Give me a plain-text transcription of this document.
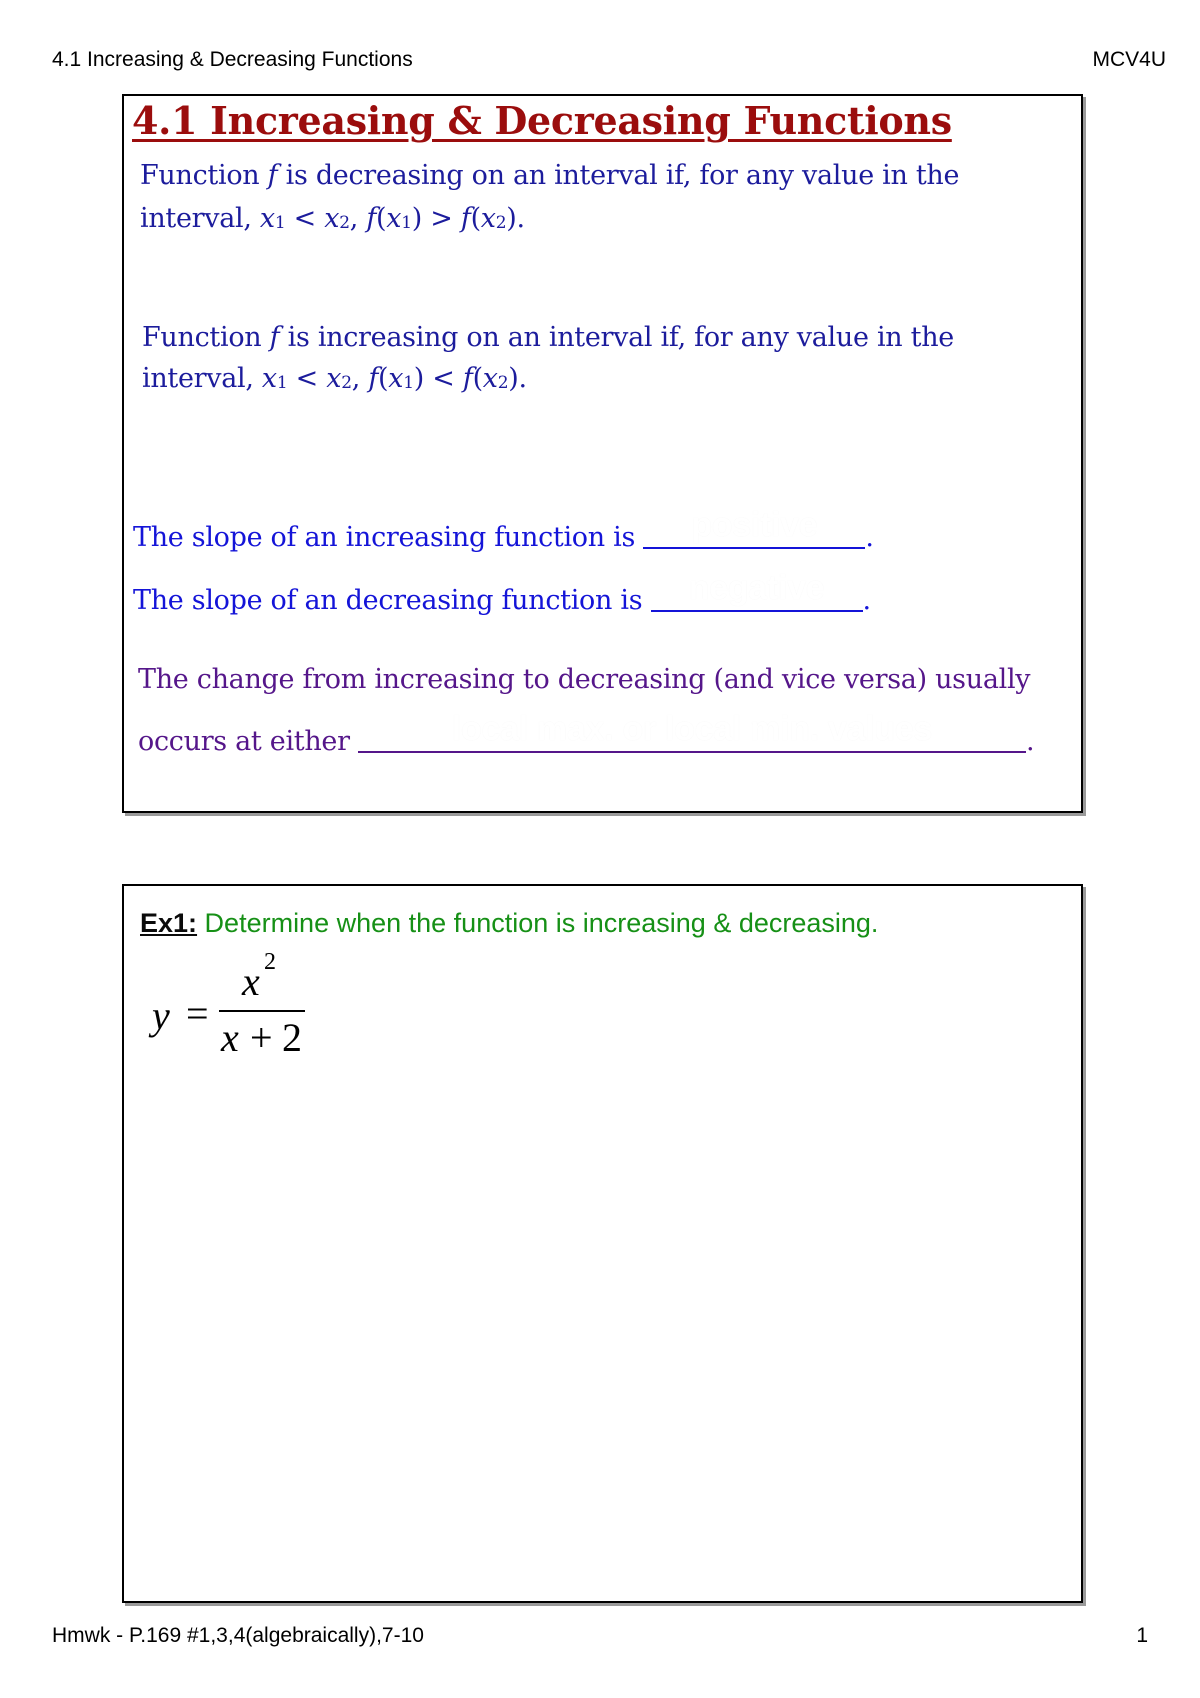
4.1 Increasing & Decreasing Functions	MCV4U
4.1 Increasing & Decreasing Functions
Function f is decreasing on an interval if, for any value in the
interval, $x_1 < x_2$, $f(x_1) > f(x_2)$.
Function f is increasing on an interval if, for any value in the
interval, $x_1 < x_2$, $f(x_1) < f(x_2)$.
The slope of an increasing function is	positive	.
The slope of an decreasing function is	negative	.
The change from increasing to decreasing (and vice versa) usually
occurs at either	local max. or local min. values	.
Ex1: Determine when the function is increasing & decreasing.
y =
x 2
x + 2
Hmwk - P.169 #1,3,4(algebraically),7-10	1
